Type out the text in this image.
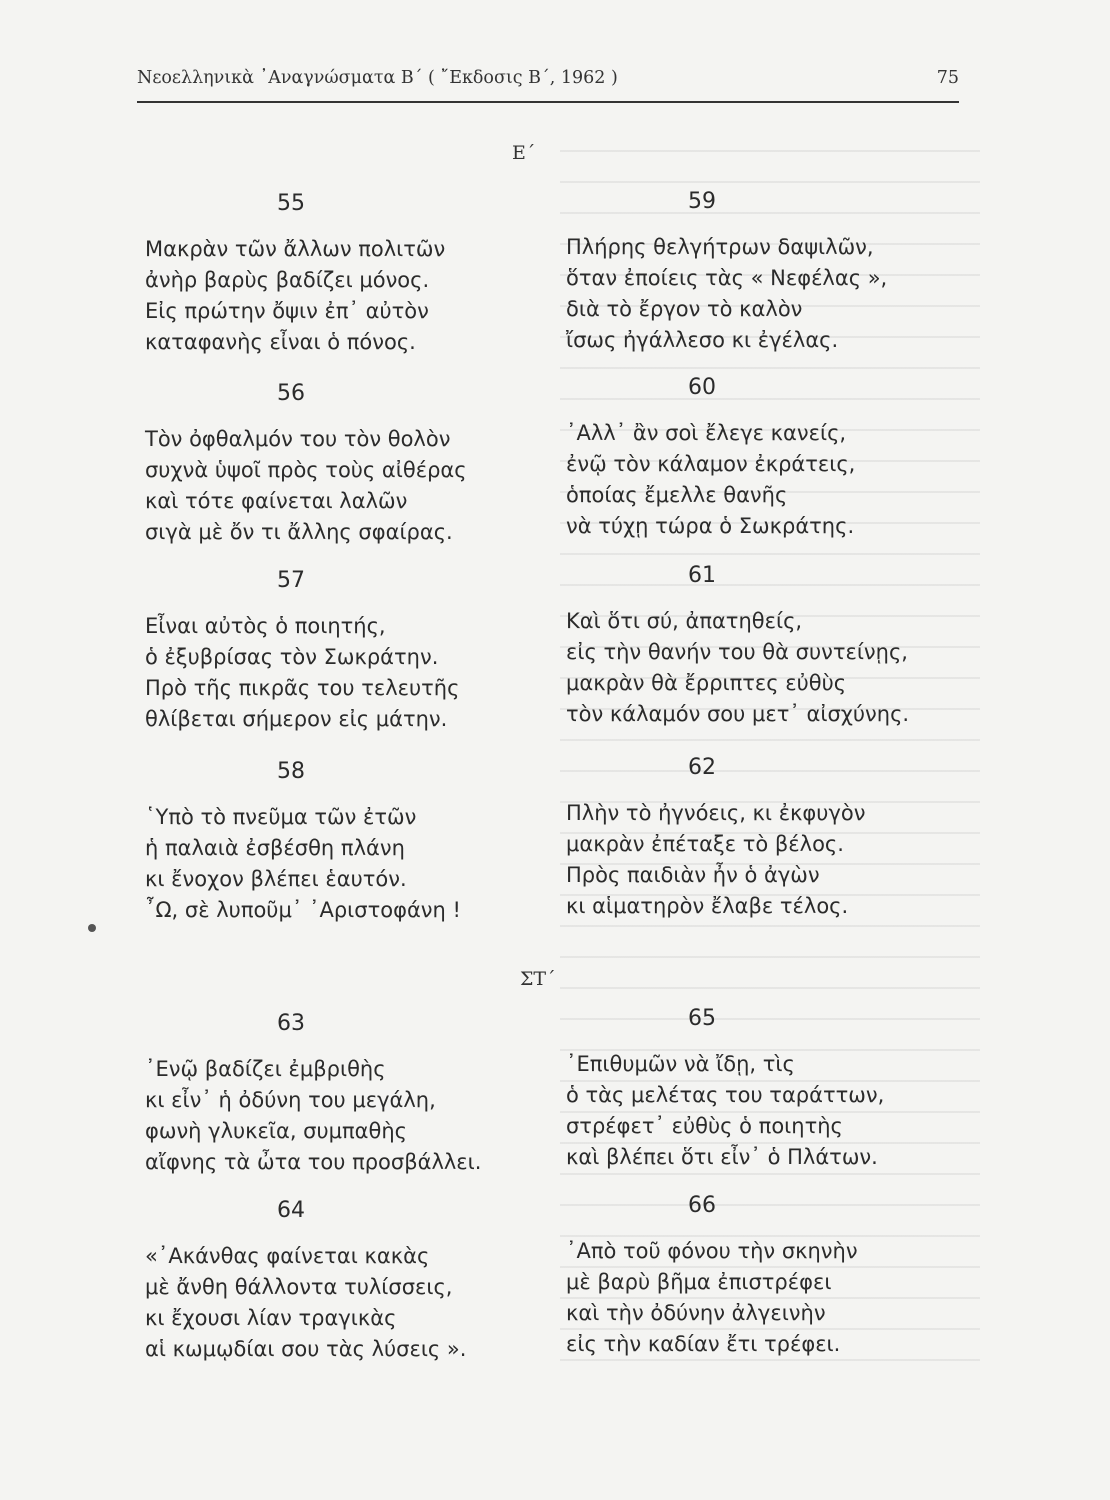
Νεοελληνικὰ ᾿Αναγνώσματα Β΄ ( ῎Εκδοσις Β΄, 1962 )	75
Ε΄
ΣΤ΄
55
Μακρὰν τῶν ἄλλων πολιτῶν
ἀνὴρ βαρὺς βαδίζει μόνος.
Εἰς πρώτην ὄψιν ἐπ᾿ αὐτὸν
καταφανὴς εἶναι ὁ πόνος.
56
Τὸν ὀφθαλμόν του τὸν θολὸν
συχνὰ ὑψοῖ πρὸς τοὺς αἰθέρας
καὶ τότε φαίνεται λαλῶν
σιγὰ μὲ ὄν τι ἄλλης σφαίρας.
57
Εἶναι αὐτὸς ὁ ποιητής,
ὁ ἐξυβρίσας τὸν Σωκράτην.
Πρὸ τῆς πικρᾶς του τελευτῆς
θλίβεται σήμερον εἰς μάτην.
58
῾Υπὸ τὸ πνεῦμα τῶν ἐτῶν
ἡ παλαιὰ ἐσβέσθη πλάνη
κι ἔνοχον βλέπει ἑαυτόν.
῏Ω, σὲ λυποῦμ᾿ ᾿Αριστοφάνη !
59
Πλήρης θελγήτρων δαψιλῶν,
ὅταν ἐποίεις τὰς « Νεφέλας »,
διὰ τὸ ἔργον τὸ καλὸν
ἴσως ἠγάλλεσο κι ἐγέλας.
60
᾿Αλλ᾿ ἂν σοὶ ἔλεγε κανείς,
ἐνῷ τὸν κάλαμον ἐκράτεις,
ὁποίας ἔμελλε θανῆς
νὰ τύχῃ τώρα ὁ Σωκράτης.
61
Καὶ ὅτι σύ, ἀπατηθείς,
εἰς τὴν θανήν του θὰ συντείνῃς,
μακρὰν θὰ ἔρριπτες εὐθὺς
τὸν κάλαμόν σου μετ᾿ αἰσχύνης.
62
Πλὴν τὸ ἠγνόεις, κι ἐκφυγὸν
μακρὰν ἐπέταξε τὸ βέλος.
Πρὸς παιδιὰν ἦν ὁ ἀγὼν
κι αἱματηρὸν ἔλαβε τέλος.
63
᾿Ενῷ βαδίζει ἐμβριθὴς
κι εἶν᾿ ἡ ὀδύνη του μεγάλη,
φωνὴ γλυκεῖα, συμπαθὴς
αἴφνης τὰ ὦτα του προσβάλλει.
64
«᾿Ακάνθας φαίνεται κακὰς
μὲ ἄνθη θάλλοντα τυλίσσεις,
κι ἔχουσι λίαν τραγικὰς
αἱ κωμῳδίαι σου τὰς λύσεις ».
65
᾿Επιθυμῶν νὰ ἴδῃ, τὶς
ὁ τὰς μελέτας του ταράττων,
στρέφετ᾿ εὐθὺς ὁ ποιητὴς
καὶ βλέπει ὅτι εἶν᾿ ὁ Πλάτων.
66
᾿Απὸ τοῦ φόνου τὴν σκηνὴν
μὲ βαρὺ βῆμα ἐπιστρέφει
καὶ τὴν ὀδύνην ἀλγεινὴν
εἰς τὴν καδίαν ἔτι τρέφει.
